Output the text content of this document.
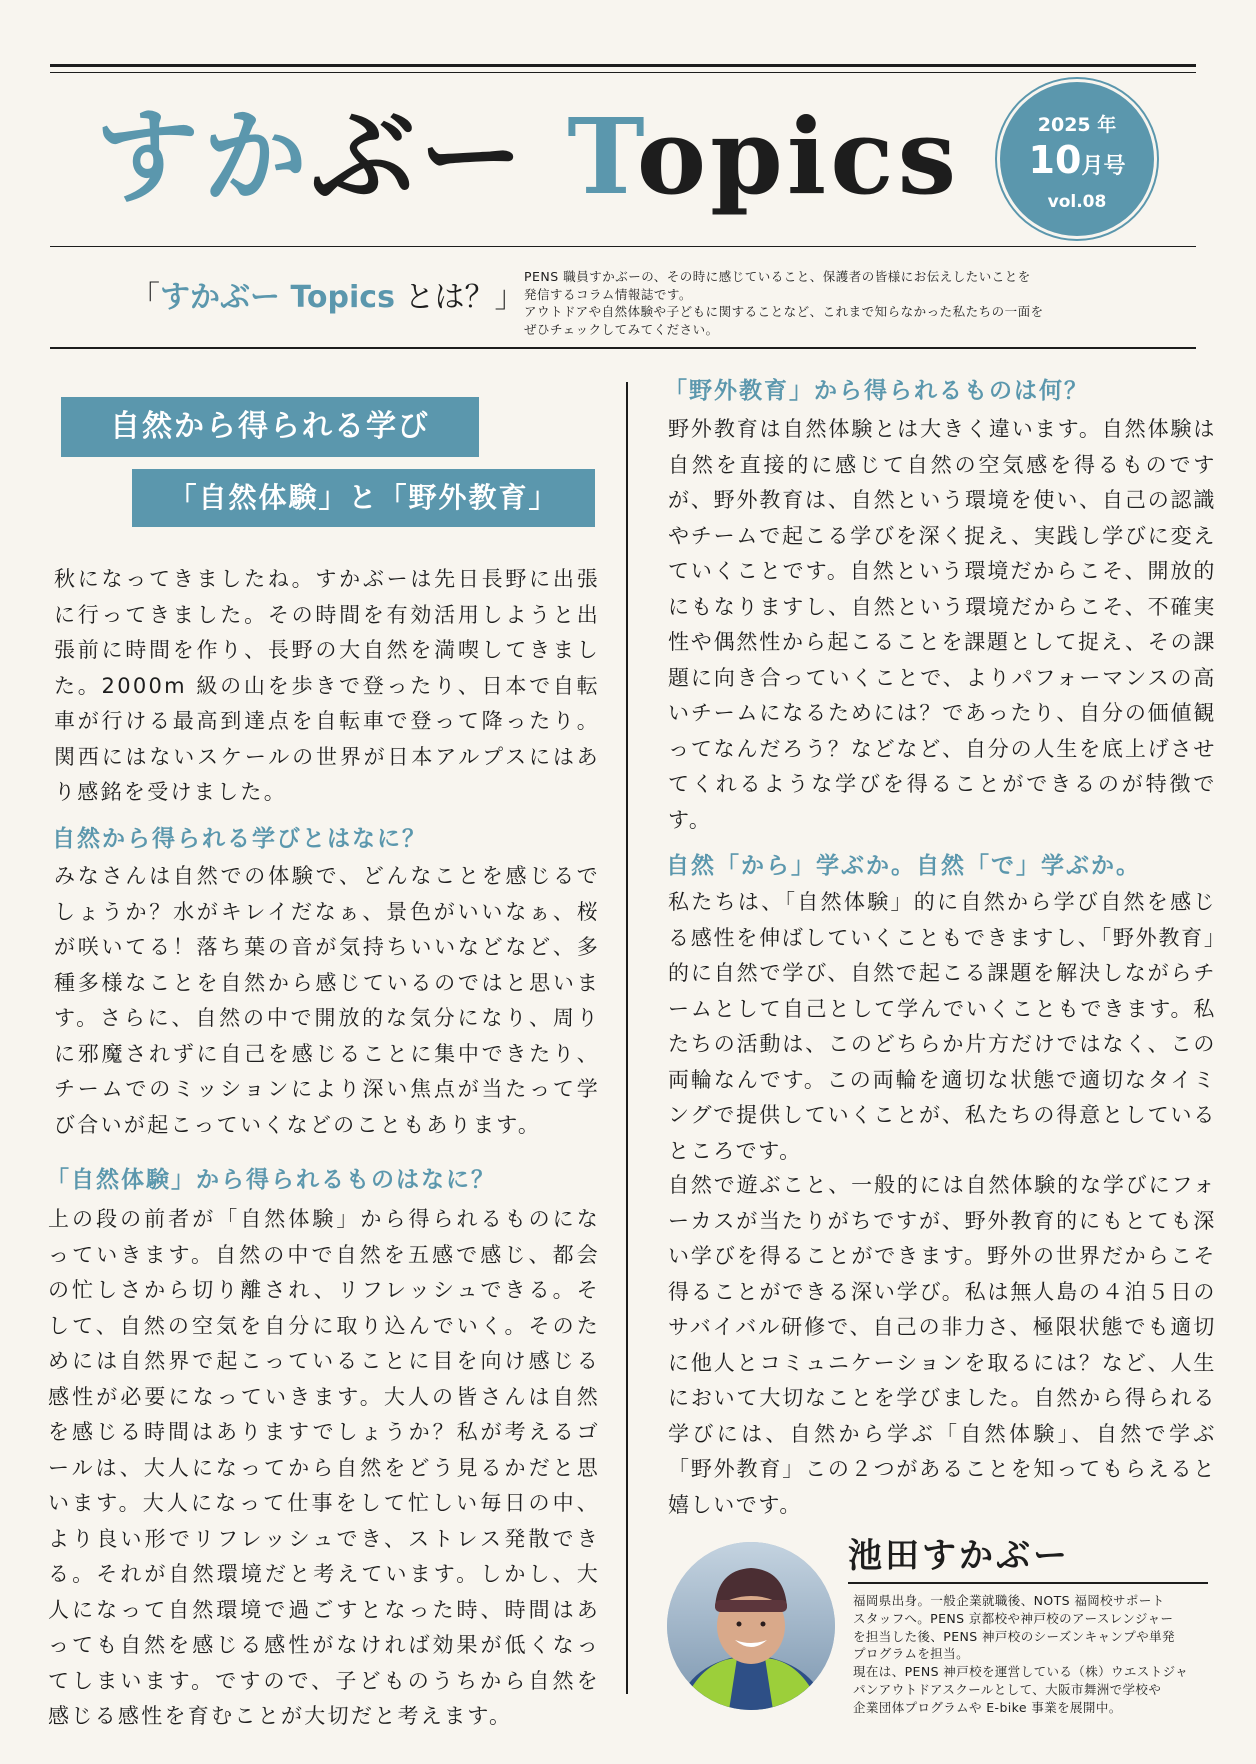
すかぶー Topics	2025 年
10月号
vol.08
「すかぶー Topics とは？」

PENS 職員すかぶーの、その時に感じていること、保護者の皆様にお伝えしたいことを

発信するコラム情報誌です。

アウトドアや自然体験や子どもに関することなど、これまで知らなかった私たちの一面を

ぜひチェックしてみてください。

自然から得られる学び
「自然体験」と「野外教育」

秋になってきましたね。すかぶーは先日長野に出張に行ってきました。その時間を有効活用しようと出張前に時間を作り、長野の大自然を満喫してきました。2000m 級の山を歩きで登ったり、日本で自転車が行ける最高到達点を自転車で登って降ったり。関西にはないスケールの世界が日本アルプスにはあり感銘を受けました。

自然から得られる学びとはなに？

みなさんは自然での体験で、どんなことを感じるでしょうか？水がキレイだなぁ、景色がいいなぁ、桜が咲いてる！落ち葉の音が気持ちいいなどなど、多種多様なことを自然から感じているのではと思います。さらに、自然の中で開放的な気分になり、周りに邪魔されずに自己を感じることに集中できたり、チームでのミッションにより深い焦点が当たって学び合いが起こっていくなどのこともあります。

「自然体験」から得られるものはなに？

上の段の前者が「自然体験」から得られるものになっていきます。自然の中で自然を五感で感じ、都会の忙しさから切り離され、リフレッシュできる。そして、自然の空気を自分に取り込んでいく。そのためには自然界で起こっていることに目を向け感じる感性が必要になっていきます。大人の皆さんは自然を感じる時間はありますでしょうか？私が考えるゴールは、大人になってから自然をどう見るかだと思います。大人になって仕事をして忙しい毎日の中、より良い形でリフレッシュでき、ストレス発散できる。それが自然環境だと考えています。しかし、大人になって自然環境で過ごすとなった時、時間はあっても自然を感じる感性がなければ効果が低くなってしまいます。ですので、子どものうちから自然を感じる感性を育むことが大切だと考えます。

「野外教育」から得られるものは何？

野外教育は自然体験とは大きく違います。自然体験は自然を直接的に感じて自然の空気感を得るものですが、野外教育は、自然という環境を使い、自己の認識やチームで起こる学びを深く捉え、実践し学びに変えていくことです。自然という環境だからこそ、開放的にもなりますし、自然という環境だからこそ、不確実性や偶然性から起こることを課題として捉え、その課題に向き合っていくことで、よりパフォーマンスの高いチームになるためには？であったり、自分の価値観ってなんだろう？などなど、自分の人生を底上げさせてくれるような学びを得ることができるのが特徴です。

自然「から」学ぶか。自然「で」学ぶか。

私たちは、「自然体験」的に自然から学び自然を感じる感性を伸ばしていくこともできますし、「野外教育」的に自然で学び、自然で起こる課題を解決しながらチームとして自己として学んでいくこともできます。私たちの活動は、このどちらか片方だけではなく、この両輪なんです。この両輪を適切な状態で適切なタイミングで提供していくことが、私たちの得意としているところです。

自然で遊ぶこと、一般的には自然体験的な学びにフォーカスが当たりがちですが、野外教育的にもとても深い学びを得ることができます。野外の世界だからこそ得ることができる深い学び。私は無人島の４泊５日のサバイバル研修で、自己の非力さ、極限状態でも適切に他人とコミュニケーションを取るには？など、人生において大切なことを学びました。自然から得られる学びには、自然から学ぶ「自然体験」、自然で学ぶ「野外教育」この２つがあることを知ってもらえると嬉しいです。

池田すかぶー

福岡県出身。一般企業就職後、NOTS 福岡校サポート

スタッフへ。PENS 京都校や神戸校のアースレンジャー

を担当した後、PENS 神戸校のシーズンキャンプや単発

プログラムを担当。

現在は、PENS 神戸校を運営している（株）ウエストジャ

パンアウトドアスクールとして、大阪市舞洲で学校や

企業団体プログラムや E-bike 事業を展開中。
